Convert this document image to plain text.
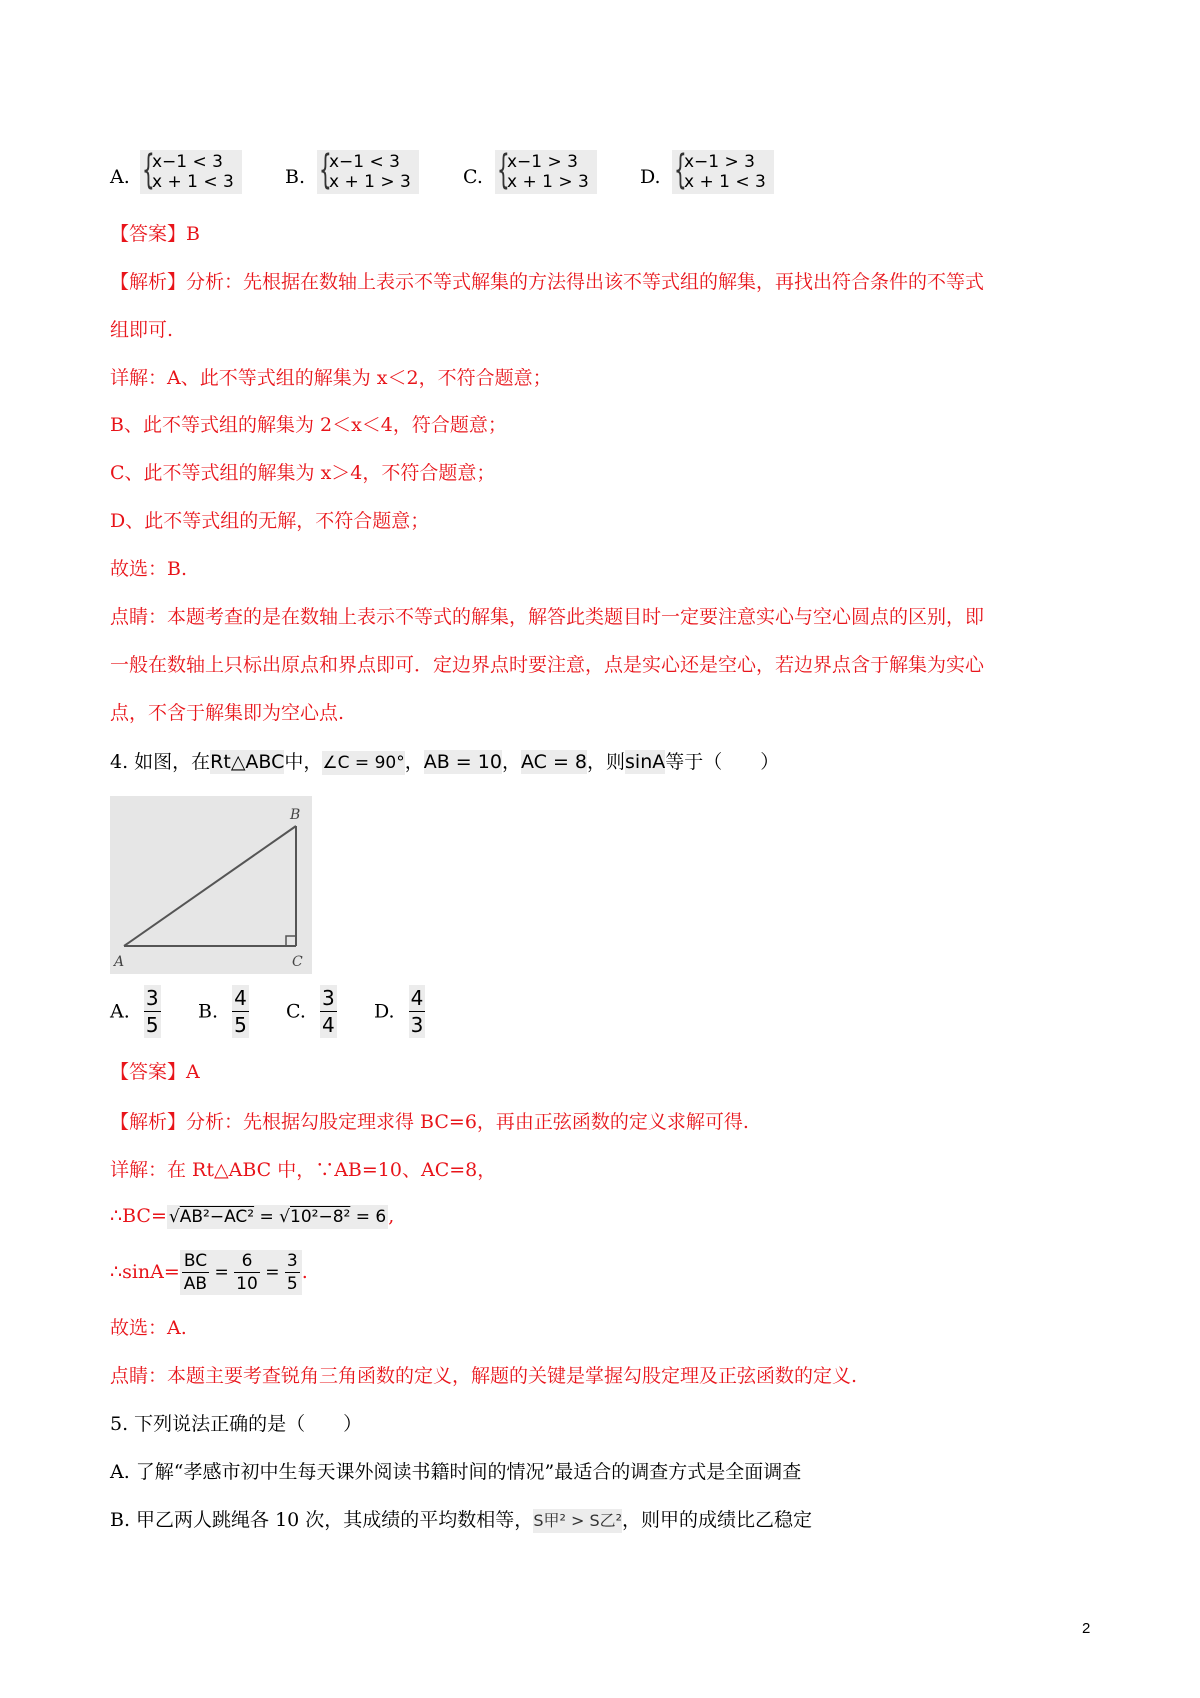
A. {
x−1 < 3
x + 1 < 3	B. {
x−1 < 3
x + 1 > 3	C. {
x−1 > 3
x + 1 > 3	D. {
x−1 > 3
x + 1 < 3
【答案】B
【解析】分析：先根据在数轴上表示不等式解集的方法得出该不等式组的解集，再找出符合条件的不等式
组即可.
详解：A、此不等式组的解集为 x＜2，不符合题意；
B、此不等式组的解集为 2＜x＜4，符合题意；
C、此不等式组的解集为 x＞4，不符合题意；
D、此不等式组的无解，不符合题意；
故选：B.
点睛：本题考查的是在数轴上表示不等式的解集，解答此类题目时一定要注意实心与空心圆点的区别，即
一般在数轴上只标出原点和界点即可．定边界点时要注意，点是实心还是空心，若边界点含于解集为实心
点，不含于解集即为空心点.
4. 如图，在Rt△ABC中，∠C = 90°，AB = 10，AC = 8，则sinA等于（　　）
B
A	C
A. $\frac{3}{5} B$. $\frac{4}{5} C$. $\frac{3}{4} D$. $\frac{4}{3}$
【答案】A
【解析】分析：先根据勾股定理求得 BC=6，再由正弦函数的定义求解可得.
详解：在 Rt△ABC 中，∵AB=10、AC=8，
∴BC= √AB²−AC² = √10²−8² = 6 ,
∴sinA= $\frac{BC}{AB} = \frac{6}{10} = \frac{3}{5}$ .
故选：A.
点睛：本题主要考查锐角三角函数的定义，解题的关键是掌握勾股定理及正弦函数的定义.
5. 下列说法正确的是（　　）
A. 了解“孝感市初中生每天课外阅读书籍时间的情况”最适合的调查方式是全面调查
B. 甲乙两人跳绳各 10 次，其成绩的平均数相等，S甲² > S乙²，则甲的成绩比乙稳定
2
